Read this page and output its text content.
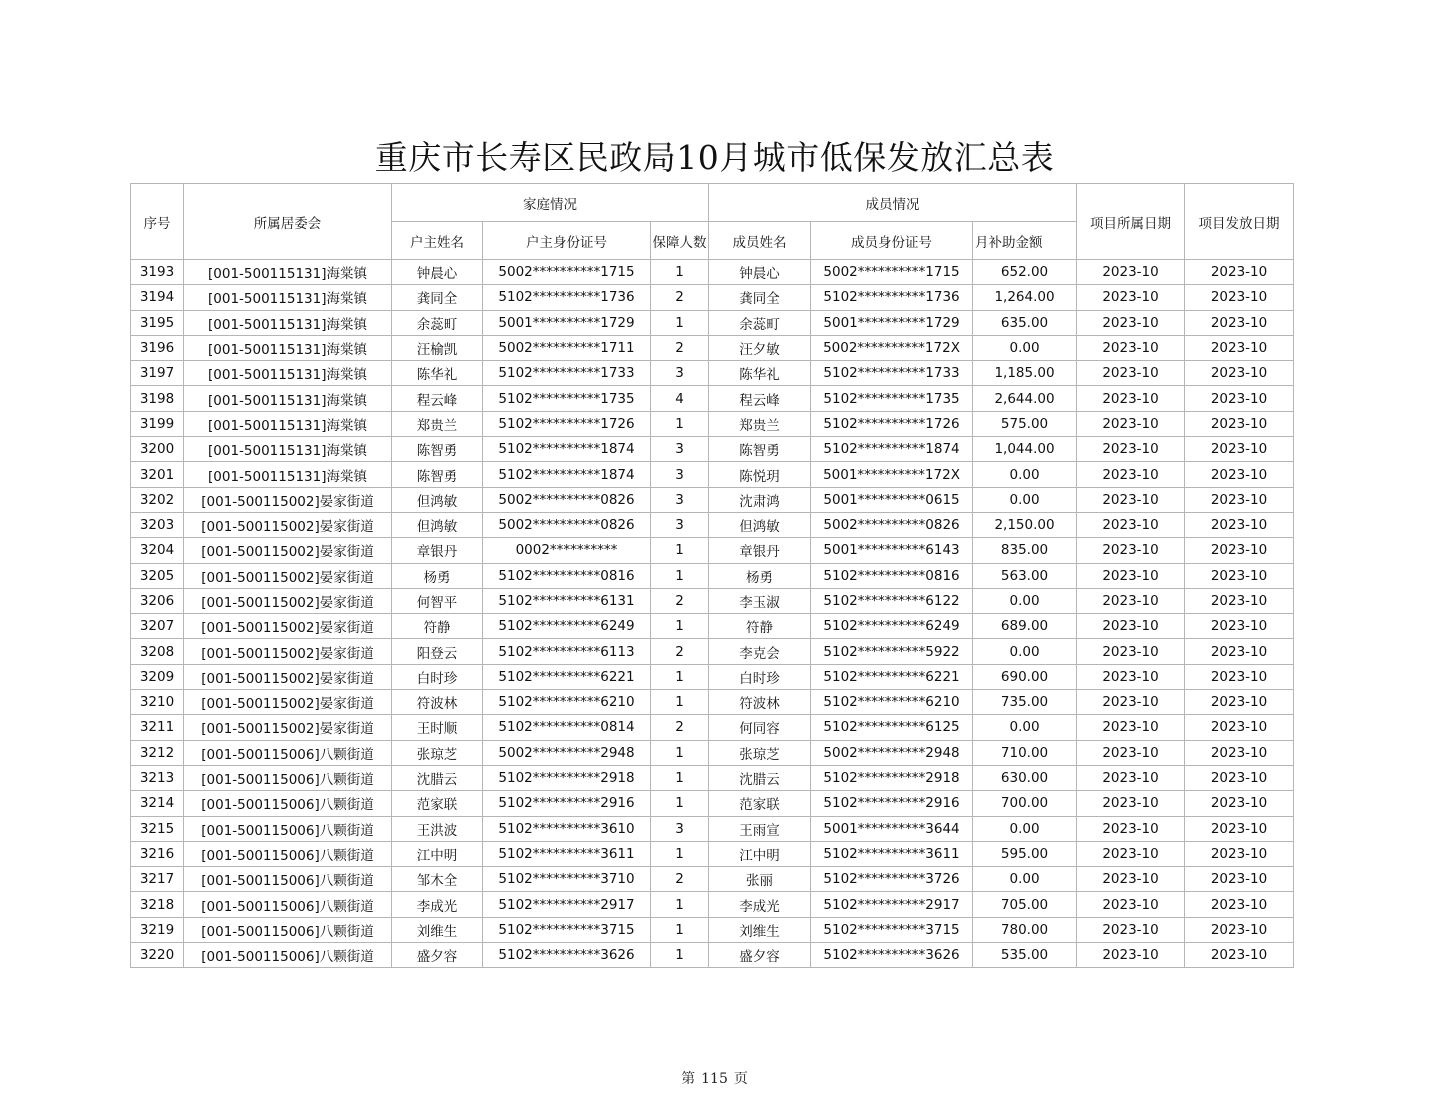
重庆市长寿区民政局10月城市低保发放汇总表
序号	所属居委会	家庭情况			成员情况			项目所属日期	项目发放日期
		户主姓名	户主身份证号	保障人数	成员姓名	成员身份证号	月补助金额		
3193	[001-500115131]海棠镇	钟晨心	5002**********1715	1	钟晨心	5002**********1715	652.00	2023-10	2023-10
3194	[001-500115131]海棠镇	龚同全	5102**********1736	2	龚同全	5102**********1736	1,264.00	2023-10	2023-10
3195	[001-500115131]海棠镇	余蕊町	5001**********1729	1	余蕊町	5001**********1729	635.00	2023-10	2023-10
3196	[001-500115131]海棠镇	汪榆凯	5002**********1711	2	汪夕敏	5002**********172X	0.00	2023-10	2023-10
3197	[001-500115131]海棠镇	陈华礼	5102**********1733	3	陈华礼	5102**********1733	1,185.00	2023-10	2023-10
3198	[001-500115131]海棠镇	程云峰	5102**********1735	4	程云峰	5102**********1735	2,644.00	2023-10	2023-10
3199	[001-500115131]海棠镇	郑贵兰	5102**********1726	1	郑贵兰	5102**********1726	575.00	2023-10	2023-10
3200	[001-500115131]海棠镇	陈智勇	5102**********1874	3	陈智勇	5102**********1874	1,044.00	2023-10	2023-10
3201	[001-500115131]海棠镇	陈智勇	5102**********1874	3	陈悦玥	5001**********172X	0.00	2023-10	2023-10
3202	[001-500115002]晏家街道	但鸿敏	5002**********0826	3	沈肃鸿	5001**********0615	0.00	2023-10	2023-10
3203	[001-500115002]晏家街道	但鸿敏	5002**********0826	3	但鸿敏	5002**********0826	2,150.00	2023-10	2023-10
3204	[001-500115002]晏家街道	章银丹	0002**********	1	章银丹	5001**********6143	835.00	2023-10	2023-10
3205	[001-500115002]晏家街道	杨勇	5102**********0816	1	杨勇	5102**********0816	563.00	2023-10	2023-10
3206	[001-500115002]晏家街道	何智平	5102**********6131	2	李玉淑	5102**********6122	0.00	2023-10	2023-10
3207	[001-500115002]晏家街道	符静	5102**********6249	1	符静	5102**********6249	689.00	2023-10	2023-10
3208	[001-500115002]晏家街道	阳登云	5102**********6113	2	李克会	5102**********5922	0.00	2023-10	2023-10
3209	[001-500115002]晏家街道	白时珍	5102**********6221	1	白时珍	5102**********6221	690.00	2023-10	2023-10
3210	[001-500115002]晏家街道	符波林	5102**********6210	1	符波林	5102**********6210	735.00	2023-10	2023-10
3211	[001-500115002]晏家街道	王时顺	5102**********0814	2	何同容	5102**********6125	0.00	2023-10	2023-10
3212	[001-500115006]八颗街道	张琼芝	5002**********2948	1	张琼芝	5002**********2948	710.00	2023-10	2023-10
3213	[001-500115006]八颗街道	沈腊云	5102**********2918	1	沈腊云	5102**********2918	630.00	2023-10	2023-10
3214	[001-500115006]八颗街道	范家联	5102**********2916	1	范家联	5102**********2916	700.00	2023-10	2023-10
3215	[001-500115006]八颗街道	王洪波	5102**********3610	3	王雨宣	5001**********3644	0.00	2023-10	2023-10
3216	[001-500115006]八颗街道	江中明	5102**********3611	1	江中明	5102**********3611	595.00	2023-10	2023-10
3217	[001-500115006]八颗街道	邹木全	5102**********3710	2	张丽	5102**********3726	0.00	2023-10	2023-10
3218	[001-500115006]八颗街道	李成光	5102**********2917	1	李成光	5102**********2917	705.00	2023-10	2023-10
3219	[001-500115006]八颗街道	刘维生	5102**********3715	1	刘维生	5102**********3715	780.00	2023-10	2023-10
3220	[001-500115006]八颗街道	盛夕容	5102**********3626	1	盛夕容	5102**********3626	535.00	2023-10	2023-10
第 115 页
